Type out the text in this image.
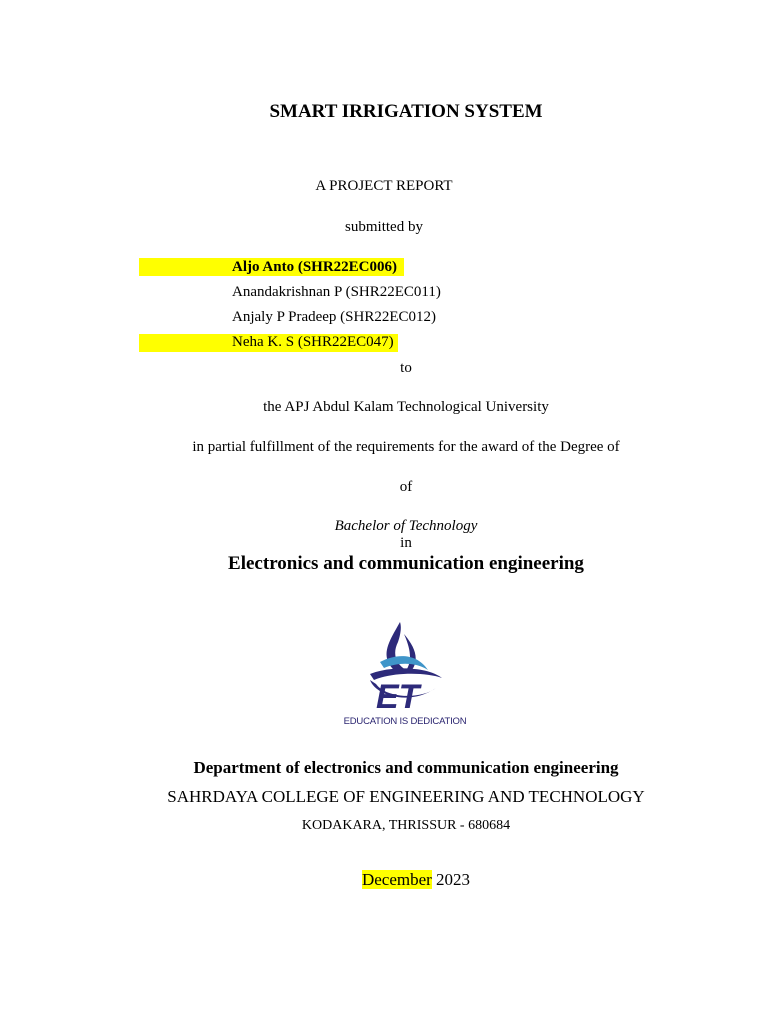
SMART IRRIGATION SYSTEM
A PROJECT REPORT
submitted by
Aljo Anto (SHR22EC006)
Anandakrishnan P (SHR22EC011)
Anjaly P Pradeep (SHR22EC012)
Neha K. S (SHR22EC047)
to
the APJ Abdul Kalam Technological University
in partial fulfillment of the requirements for the award of the Degree of
of
Bachelor of Technology
in
Electronics and communication engineering
ET
EDUCATION IS DEDICATION
Department of electronics and communication engineering
SAHRDAYA COLLEGE OF ENGINEERING AND TECHNOLOGY
KODAKARA, THRISSUR - 680684
December 2023
